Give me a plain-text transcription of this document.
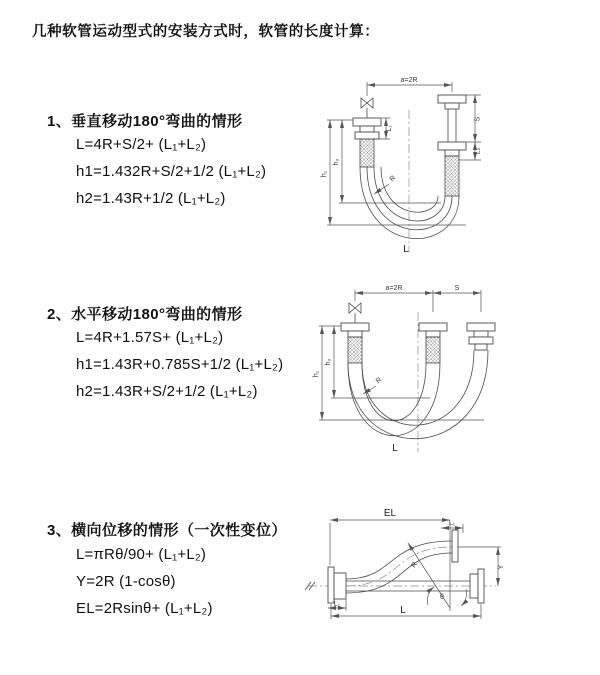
几种软管运动型式的安装方式时，软管的长度计算：
1、垂直移动180°弯曲的情形
L=4R+S/2+ (L₁+L₂)
h1=1.432R+S/2+1/2 (L₁+L₂)
h2=1.43R+1/2 (L₁+L₂)
a=2R
S
L₂
L₁
h₂
h₁
R
L
2、水平移动180°弯曲的情形
L=4R+1.57S+ (L₁+L₂)
h1=1.43R+0.785S+1/2 (L₁+L₂)
h2=1.43R+S/2+1/2 (L₁+L₂)
a=2R	S
h₂
h₁
R
L
3、横向位移的情形（一次性变位）
L=πRθ/90+ (L₁+L₂)
Y=2R (1-cosθ)
EL=2Rsinθ+ (L₁+L₂)
EL
L₁
Y
R
θ
L₁
L
